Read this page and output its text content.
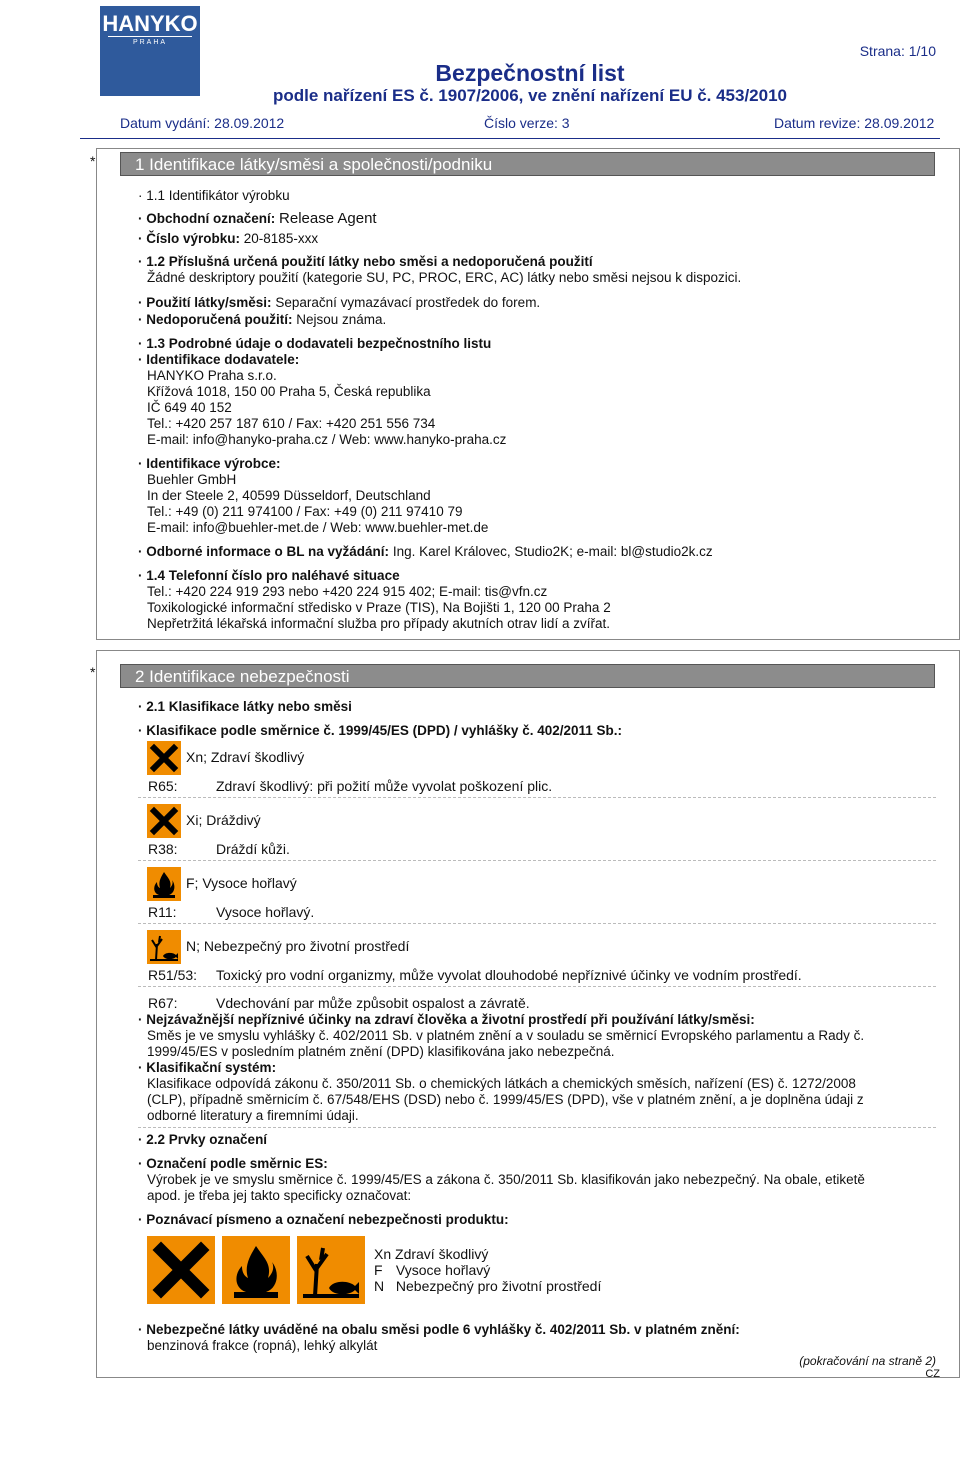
HANYKO
PRAHA
Bezpečnostní list
podle nařízení ES č. 1907/2006, ve znění nařízení EU č. 453/2010
Strana: 1/10
Datum vydání: 28.09.2012	Číslo verze: 3	Datum revize: 28.09.2012
*	1 Identifikace látky/směsi a společnosti/podniku
· 1.1 Identifikátor výrobku
· Obchodní označení: Release Agent
· Číslo výrobku: 20-8185-xxx
· 1.2 Příslušná určená použití látky nebo směsi a nedoporučená použití
Žádné deskriptory použití (kategorie SU, PC, PROC, ERC, AC) látky nebo směsi nejsou k dispozici.
· Použití látky/směsi: Separační vymazávací prostředek do forem.
· Nedoporučená použití: Nejsou známa.
· 1.3 Podrobné údaje o dodavateli bezpečnostního listu
· Identifikace dodavatele:
HANYKO Praha s.r.o.
Křížová 1018, 150 00 Praha 5, Česká republika
IČ 649 40 152
Tel.: +420 257 187 610 / Fax: +420 251 556 734
E-mail: info@hanyko-praha.cz / Web: www.hanyko-praha.cz
· Identifikace výrobce:
Buehler GmbH
In der Steele 2, 40599 Düsseldorf, Deutschland
Tel.: +49 (0) 211 974100 / Fax: +49 (0) 211 97410 79
E-mail: info@buehler-met.de / Web: www.buehler-met.de
· Odborné informace o BL na vyžádání: Ing. Karel Královec, Studio2K; e-mail: bl@studio2k.cz
· 1.4 Telefonní číslo pro naléhavé situace
Tel.: +420 224 919 293 nebo +420 224 915 402; E-mail: tis@vfn.cz
Toxikologické informační středisko v Praze (TIS), Na Bojišti 1, 120 00 Praha 2
Nepřetržitá lékařská informační služba pro případy akutních otrav lidí a zvířat.
*	2 Identifikace nebezpečnosti
· 2.1 Klasifikace látky nebo směsi
· Klasifikace podle směrnice č. 1999/45/ES (DPD) / vyhlášky č. 402/2011 Sb.:
Xn; Zdraví škodlivý
R65:	Zdraví škodlivý: při požití může vyvolat poškození plic.
Xi; Dráždivý
R38:	Dráždí kůži.
F; Vysoce hořlavý
R11:	Vysoce hořlavý.
N; Nebezpečný pro životní prostředí
R51/53: Toxický pro vodní organizmy, může vyvolat dlouhodobé nepříznivé účinky ve vodním prostředí.
R67:	Vdechování par může způsobit ospalost a závratě.
· Nejzávažnější nepříznivé účinky na zdraví člověka a životní prostředí při používání látky/směsi:
Směs je ve smyslu vyhlášky č. 402/2011 Sb. v platném znění a v souladu se směrnicí Evropského parlamentu a Rady č.
1999/45/ES v posledním platném znění (DPD) klasifikována jako nebezpečná.
· Klasifikační systém:
Klasifikace odpovídá zákonu č. 350/2011 Sb. o chemických látkách a chemických směsích, nařízení (ES) č. 1272/2008
(CLP), případně směrnicím č. 67/548/EHS (DSD) nebo č. 1999/45/ES (DPD), vše v platném znění, a je doplněna údaji z
odborné literatury a firemními údaji.
· 2.2 Prvky označení
· Označení podle směrnic ES:
Výrobek je ve smyslu směrnice č. 1999/45/ES a zákona č. 350/2011 Sb. klasifikován jako nebezpečný. Na obale, etiketě
apod. je třeba jej takto specificky označovat:
· Poznávací písmeno a označení nebezpečnosti produktu:
Xn Zdraví škodlivý
F Vysoce hořlavý
N Nebezpečný pro životní prostředí
· Nebezpečné látky uváděné na obalu směsi podle 6 vyhlášky č. 402/2011 Sb. v platném znění:
benzinová frakce (ropná), lehký alkylát
(pokračování na straně 2)
CZ
